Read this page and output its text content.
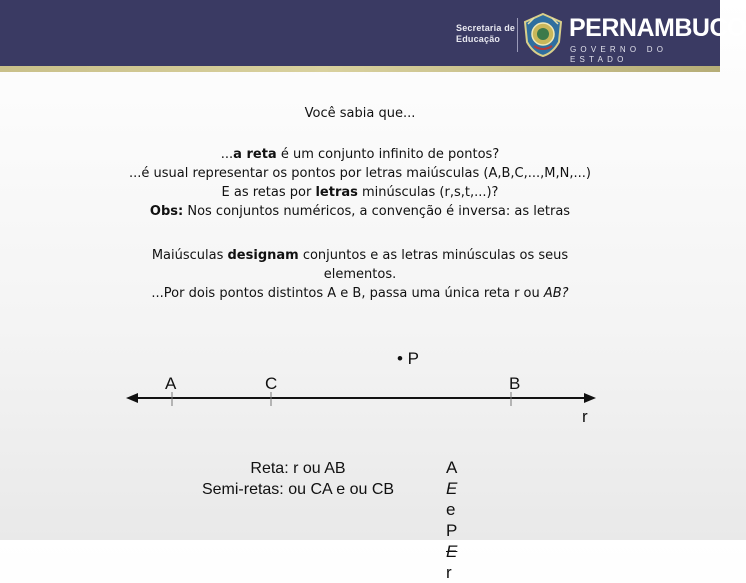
Secretaria de
Educação	PERNAMBUCO
GOVERNO DO ESTADO

Você sabia que...

...a reta é um conjunto infinito de pontos?

...é usual representar os pontos por letras maiúsculas (A,B,C,...,M,N,...)

E as retas por letras minúsculas (r,s,t,...)?

Obs: Nos conjuntos numéricos, a convenção é inversa: as letras

Maiúsculas designam conjuntos e as letras minúsculas os seus

elementos.

...Por dois pontos distintos A e B, passa uma única reta r ou AB?

• P
A	C	B
r
Reta: r ou AB
Semi-retas: ou CA e ou CB
A
E
e
P
E
r
